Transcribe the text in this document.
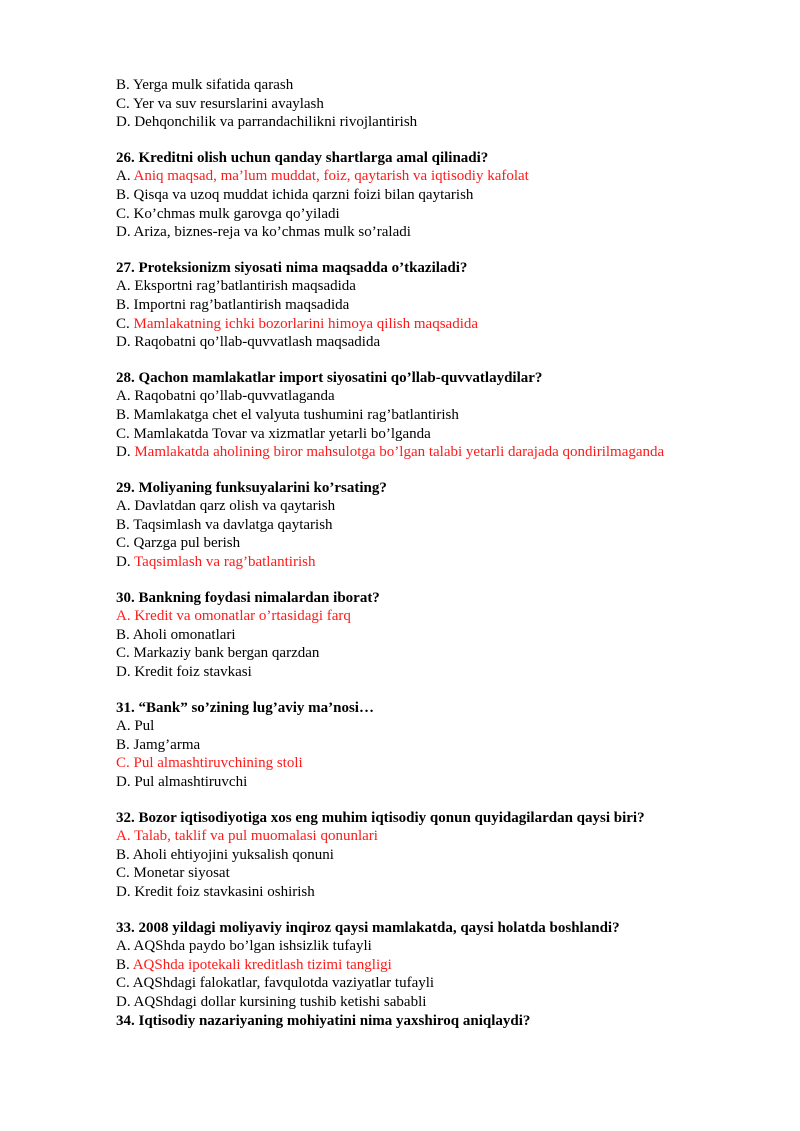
B. Yerga mulk sifatida qarash
C. Yer va suv resurslarini avaylash
D. Dehqonchilik va parrandachilikni rivojlantirish
26. Kreditni olish uchun qanday shartlarga amal qilinadi?
A. Aniq maqsad, ma’lum muddat, foiz, qaytarish va iqtisodiy kafolat
B. Qisqa va uzoq muddat ichida qarzni foizi bilan qaytarish
C. Ko’chmas mulk garovga qo’yiladi
D. Ariza, biznes-reja va ko’chmas mulk so’raladi
27. Proteksionizm siyosati nima maqsadda o’tkaziladi?
A. Eksportni rag’batlantirish maqsadida
B. Importni rag’batlantirish maqsadida
C. Mamlakatning ichki bozorlarini himoya qilish maqsadida
D. Raqobatni qo’llab-quvvatlash maqsadida
28. Qachon mamlakatlar import siyosatini qo’llab-quvvatlaydilar?
A. Raqobatni qo’llab-quvvatlaganda
B. Mamlakatga chet el valyuta tushumini rag’batlantirish
C. Mamlakatda Tovar va xizmatlar yetarli bo’lganda
D. Mamlakatda aholining biror mahsulotga bo’lgan talabi yetarli darajada qondirilmaganda
29. Moliyaning funksuyalarini ko’rsating?
A. Davlatdan qarz olish va qaytarish
B. Taqsimlash va davlatga qaytarish
C. Qarzga pul berish
D. Taqsimlash va rag’batlantirish
30. Bankning foydasi nimalardan iborat?
A. Kredit va omonatlar o’rtasidagi farq
B. Aholi omonatlari
C. Markaziy bank bergan qarzdan
D. Kredit foiz stavkasi
31. “Bank” so’zining lug’aviy ma’nosi…
A. Pul
B. Jamg’arma
C. Pul almashtiruvchining stoli
D. Pul almashtiruvchi
32. Bozor iqtisodiyotiga xos eng muhim iqtisodiy qonun quyidagilardan qaysi biri?
A. Talab, taklif va pul muomalasi qonunlari
B. Aholi ehtiyojini yuksalish qonuni
C. Monetar siyosat
D. Kredit foiz stavkasini oshirish
33. 2008 yildagi moliyaviy inqiroz qaysi mamlakatda, qaysi holatda boshlandi?
A. AQShda paydo bo’lgan ishsizlik tufayli
B. AQShda ipotekali kreditlash tizimi tangligi
C. AQShdagi falokatlar, favqulotda vaziyatlar tufayli
D. AQShdagi dollar kursining tushib ketishi sababli
34. Iqtisodiy nazariyaning mohiyatini nima yaxshiroq aniqlaydi?
